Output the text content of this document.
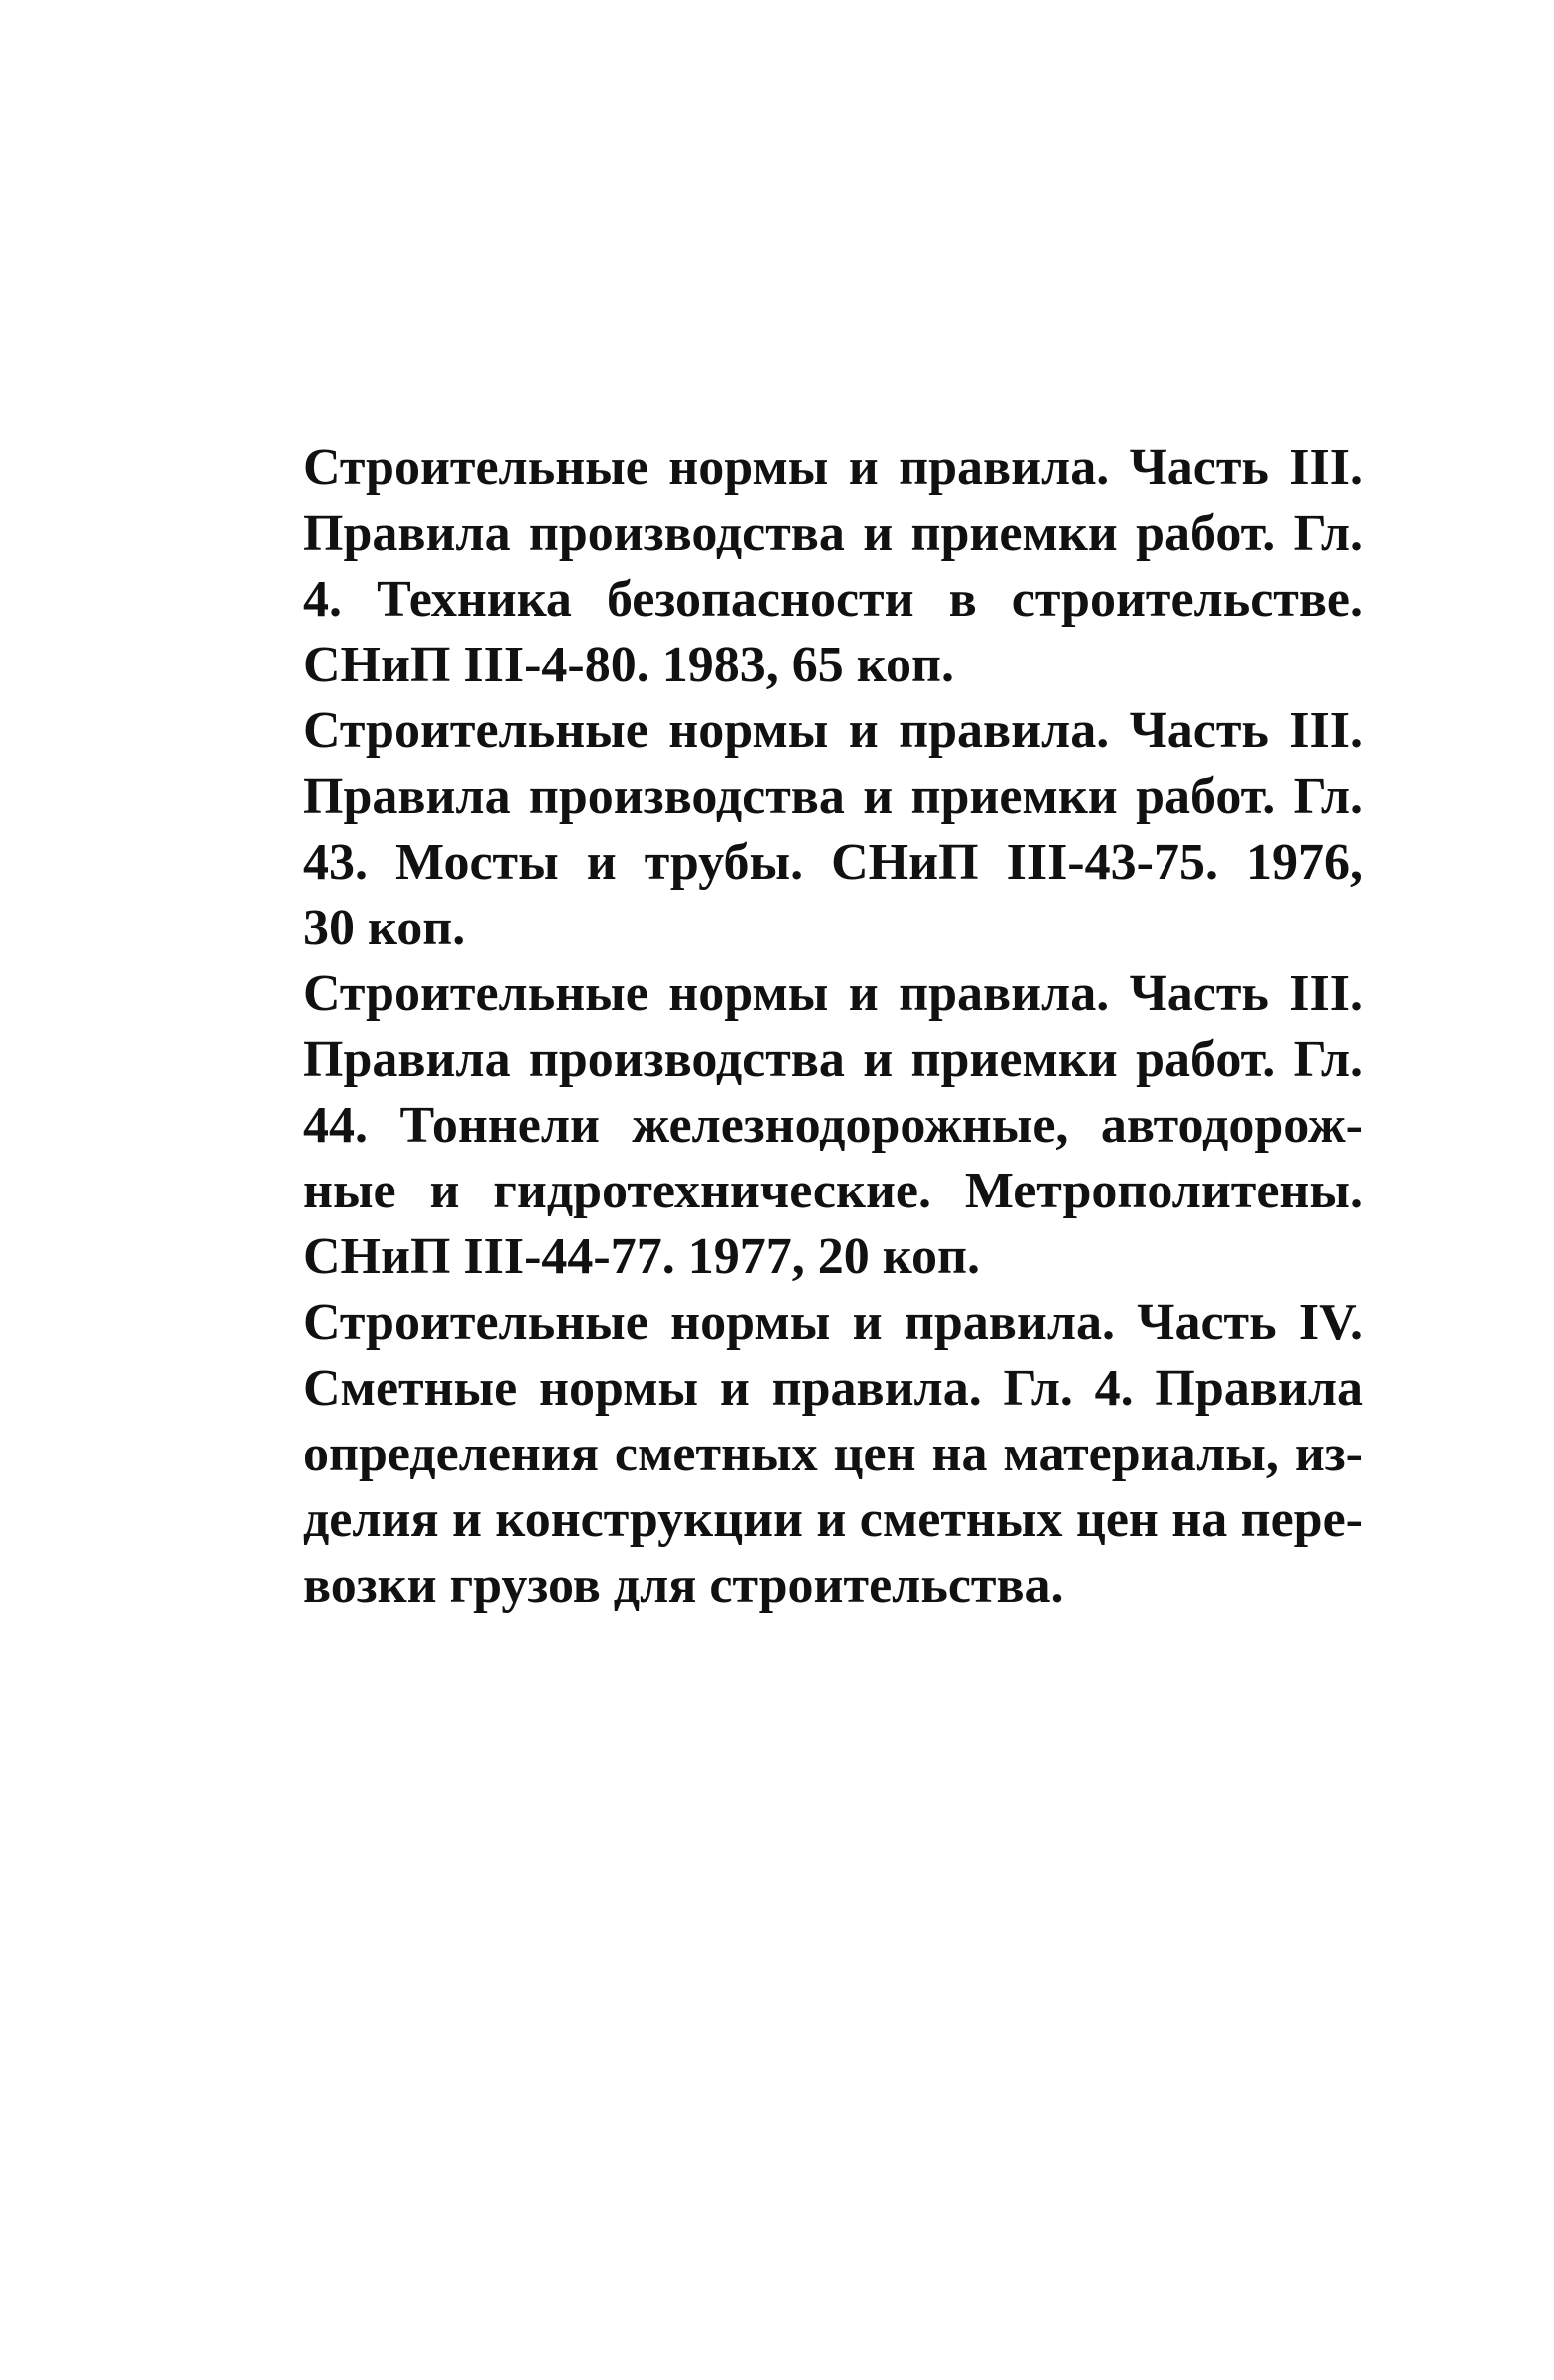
Строительные нормы и правила. Часть III.
Правила производства и приемки работ. Гл.
4. Техника безопасности в строительстве.
СНиП III-4-80. 1983, 65 коп.
Строительные нормы и правила. Часть III.
Правила производства и приемки работ. Гл.
43. Мосты и трубы. СНиП III-43-75. 1976,
30 коп.
Строительные нормы и правила. Часть III.
Правила производства и приемки работ. Гл.
44. Тоннели железнодорожные, автодорож-
ные и гидротехнические. Метрополитены.
СНиП III-44-77. 1977, 20 коп.
Строительные нормы и правила. Часть IV.
Сметные нормы и правила. Гл. 4. Правила
определения сметных цен на материалы, из-
делия и конструкции и сметных цен на пере-
возки грузов для строительства.
